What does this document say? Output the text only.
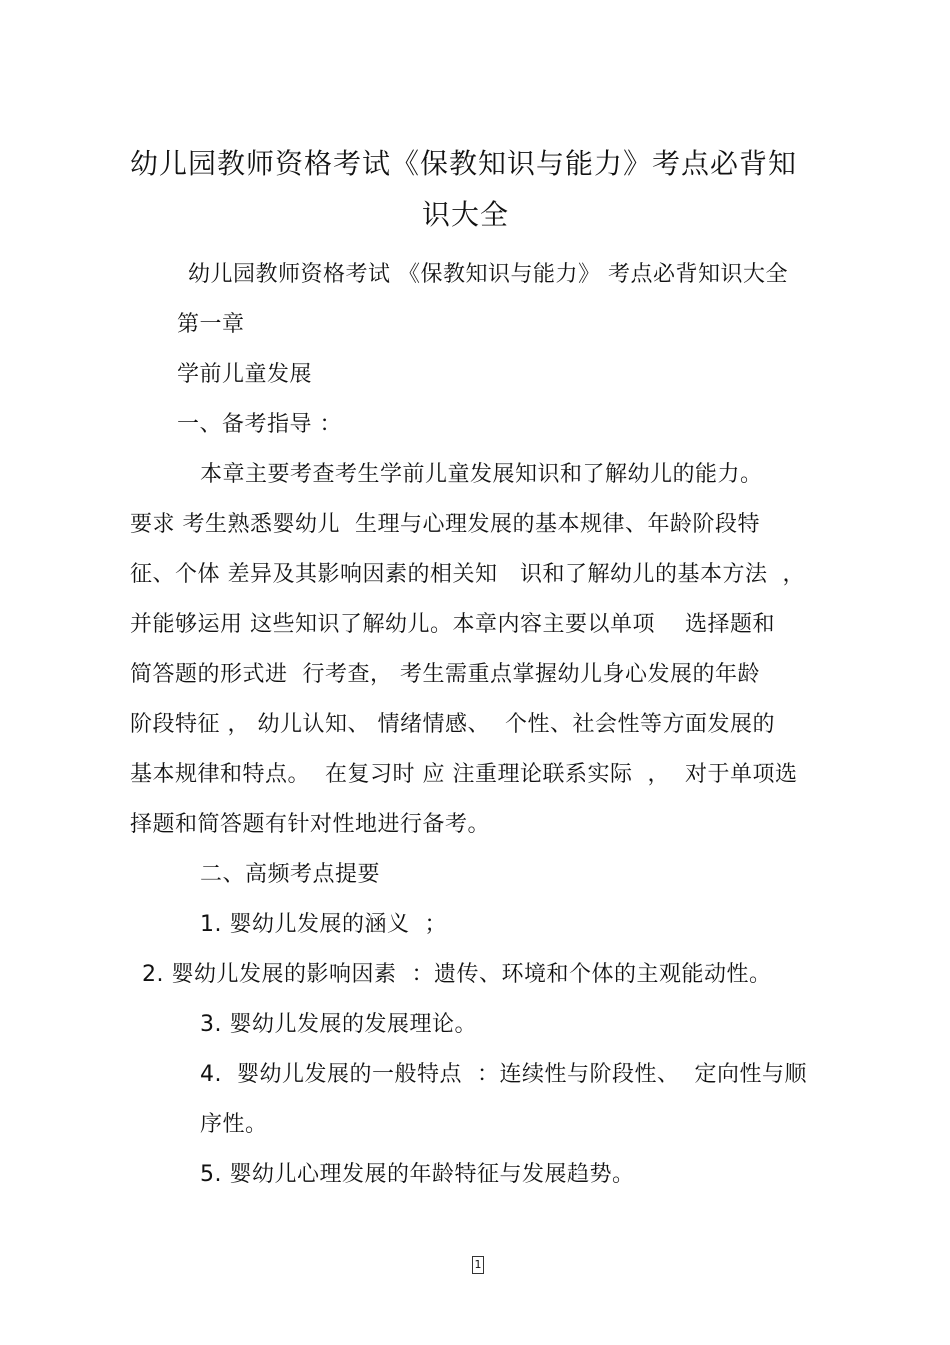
幼儿园教师资格考试《保教知识与能力》考点必背知
识大全
幼儿园教师资格考试 《保教知识与能力》 考点必背知识大全
第一章
学前儿童发展
一、备考指导 ：
本章主要考查考生学前儿童发展知识和了解幼儿的能力。
要求 考生熟悉婴幼儿  生理与心理发展的基本规律、年龄阶段特
征、个体 差异及其影响因素的相关知   识和了解幼儿的基本方法  ，
并能够运用 这些知识了解幼儿。本章内容主要以单项    选择题和
简答题的形式进  行考查， 考生需重点掌握幼儿身心发展的年龄
阶段特征 ， 幼儿认知、 情绪情感、  个性、社会性等方面发展的
基本规律和特点。  在复习时 应 注重理论联系实际  ，  对于单项选
择题和简答题有针对性地进行备考。
二、高频考点提要
1. 婴幼儿发展的涵义  ；
2. 婴幼儿发展的影响因素  ：遗传、环境和个体的主观能动性。
3. 婴幼儿发展的发展理论。
4.  婴幼儿发展的一般特点  ：连续性与阶段性、  定向性与顺
序性。
5. 婴幼儿心理发展的年龄特征与发展趋势。
1
